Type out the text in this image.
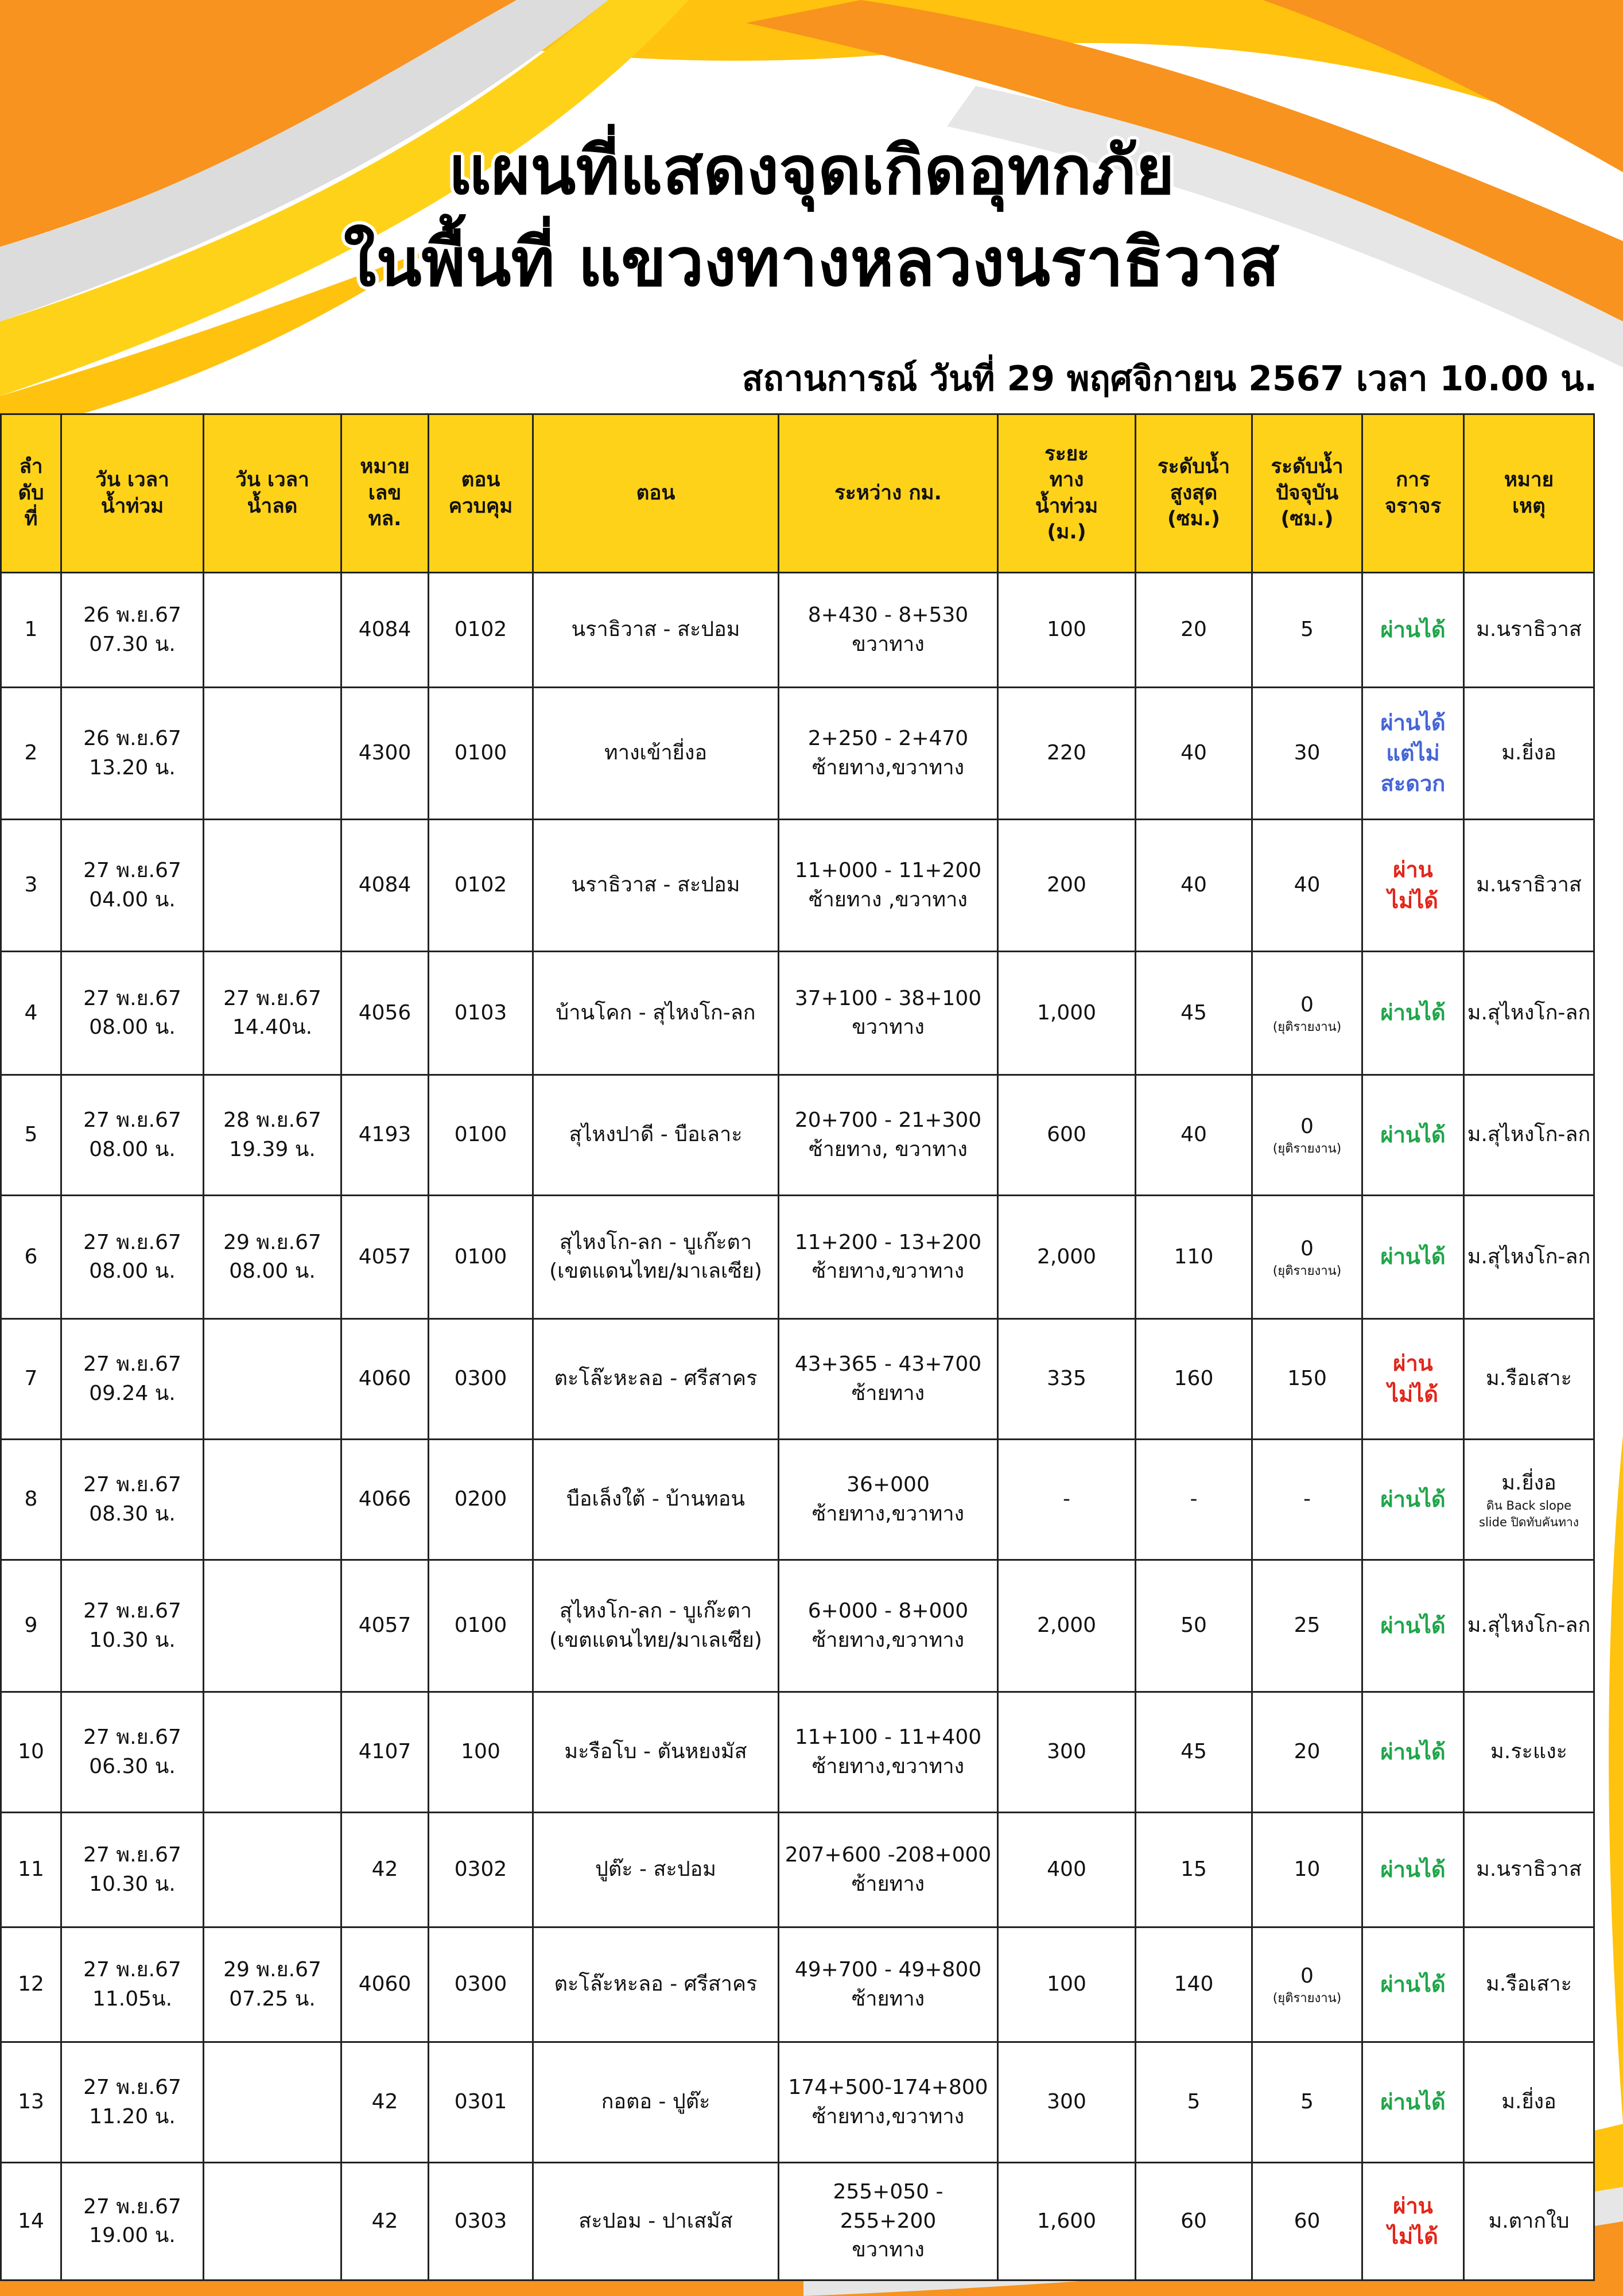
แผนที่แสดงจุดเกิดอุทกภัย
ในพื้นที่ แขวงทางหลวงนราธิวาส
สถานการณ์ วันที่ 29 พฤศจิกายน 2567 เวลา 10.00 น.
ลำ
ดับ
ที่	วัน เวลา
น้ำท่วม	วัน เวลา
น้ำลด	หมาย
เลข
ทล.	ตอน
ควบคุม	ตอน	ระหว่าง กม.	ระยะ
ทาง
น้ำท่วม
(ม.)	ระดับน้ำ
สูงสุด
(ซม.)	ระดับน้ำ
ปัจจุบัน
(ซม.)	การ
จราจร	หมาย
เหตุ
1	26 พ.ย.67
07.30 น.		4084	0102	นราธิวาส - สะปอม	8+430 - 8+530
ขวาทาง	100	20	5	ผ่านได้	ม.นราธิวาส
2	26 พ.ย.67
13.20 น.		4300	0100	ทางเข้ายี่งอ	2+250 - 2+470
ซ้ายทาง,ขวาทาง	220	40	30	ผ่านได้
แต่ไม่
สะดวก	ม.ยี่งอ
3	27 พ.ย.67
04.00 น.		4084	0102	นราธิวาส - สะปอม	11+000 - 11+200
ซ้ายทาง ,ขวาทาง	200	40	40	ผ่าน
ไม่ได้	ม.นราธิวาส
4	27 พ.ย.67
08.00 น.	27 พ.ย.67
14.40น.	4056	0103	บ้านโคก - สุไหงโก-ลก	37+100 - 38+100
ขวาทาง	1,000	45	0
(ยุติรายงาน)	ผ่านได้	ม.สุไหงโก-ลก
5	27 พ.ย.67
08.00 น.	28 พ.ย.67
19.39 น.	4193	0100	สุไหงปาดี - บือเลาะ	20+700 - 21+300
ซ้ายทาง, ขวาทาง	600	40	0
(ยุติรายงาน)	ผ่านได้	ม.สุไหงโก-ลก
6	27 พ.ย.67
08.00 น.	29 พ.ย.67
08.00 น.	4057	0100	สุไหงโก-ลก - บูเก๊ะตา
(เขตแดนไทย/มาเลเซีย)	11+200 - 13+200
ซ้ายทาง,ขวาทาง	2,000	110	0
(ยุติรายงาน)	ผ่านได้	ม.สุไหงโก-ลก
7	27 พ.ย.67
09.24 น.		4060	0300	ตะโล๊ะหะลอ - ศรีสาคร	43+365 - 43+700
ซ้ายทาง	335	160	150	ผ่าน
ไม่ได้	ม.รือเสาะ
8	27 พ.ย.67
08.30 น.		4066	0200	บือเล็งใต้ - บ้านทอน	36+000
ซ้ายทาง,ขวาทาง	-	-	-	ผ่านได้	ม.ยี่งอ
ดิน Back slope
slide ปิดทับคันทาง

9	27 พ.ย.67
10.30 น.		4057	0100	สุไหงโก-ลก - บูเก๊ะตา
(เขตแดนไทย/มาเลเซีย)	6+000 - 8+000
ซ้ายทาง,ขวาทาง	2,000	50	25	ผ่านได้	ม.สุไหงโก-ลก
10	27 พ.ย.67
06.30 น.		4107	100	มะรือโบ - ตันหยงมัส	11+100 - 11+400
ซ้ายทาง,ขวาทาง	300	45	20	ผ่านได้	ม.ระแงะ
11	27 พ.ย.67
10.30 น.		42	0302	ปูต๊ะ - สะปอม	207+600 -208+000
ซ้ายทาง	400	15	10	ผ่านได้	ม.นราธิวาส
12	27 พ.ย.67
11.05น.	29 พ.ย.67
07.25 น.	4060	0300	ตะโล๊ะหะลอ - ศรีสาคร	49+700 - 49+800
ซ้ายทาง	100	140	0
(ยุติรายงาน)	ผ่านได้	ม.รือเสาะ
13	27 พ.ย.67
11.20 น.		42	0301	กอตอ - ปูต๊ะ	174+500-174+800
ซ้ายทาง,ขวาทาง	300	5	5	ผ่านได้	ม.ยี่งอ
14	27 พ.ย.67
19.00 น.		42	0303	สะปอม - ปาเสมัส	255+050 - 255+200
ขวาทาง	1,600	60	60	ผ่าน
ไม่ได้	ม.ตากใบ
